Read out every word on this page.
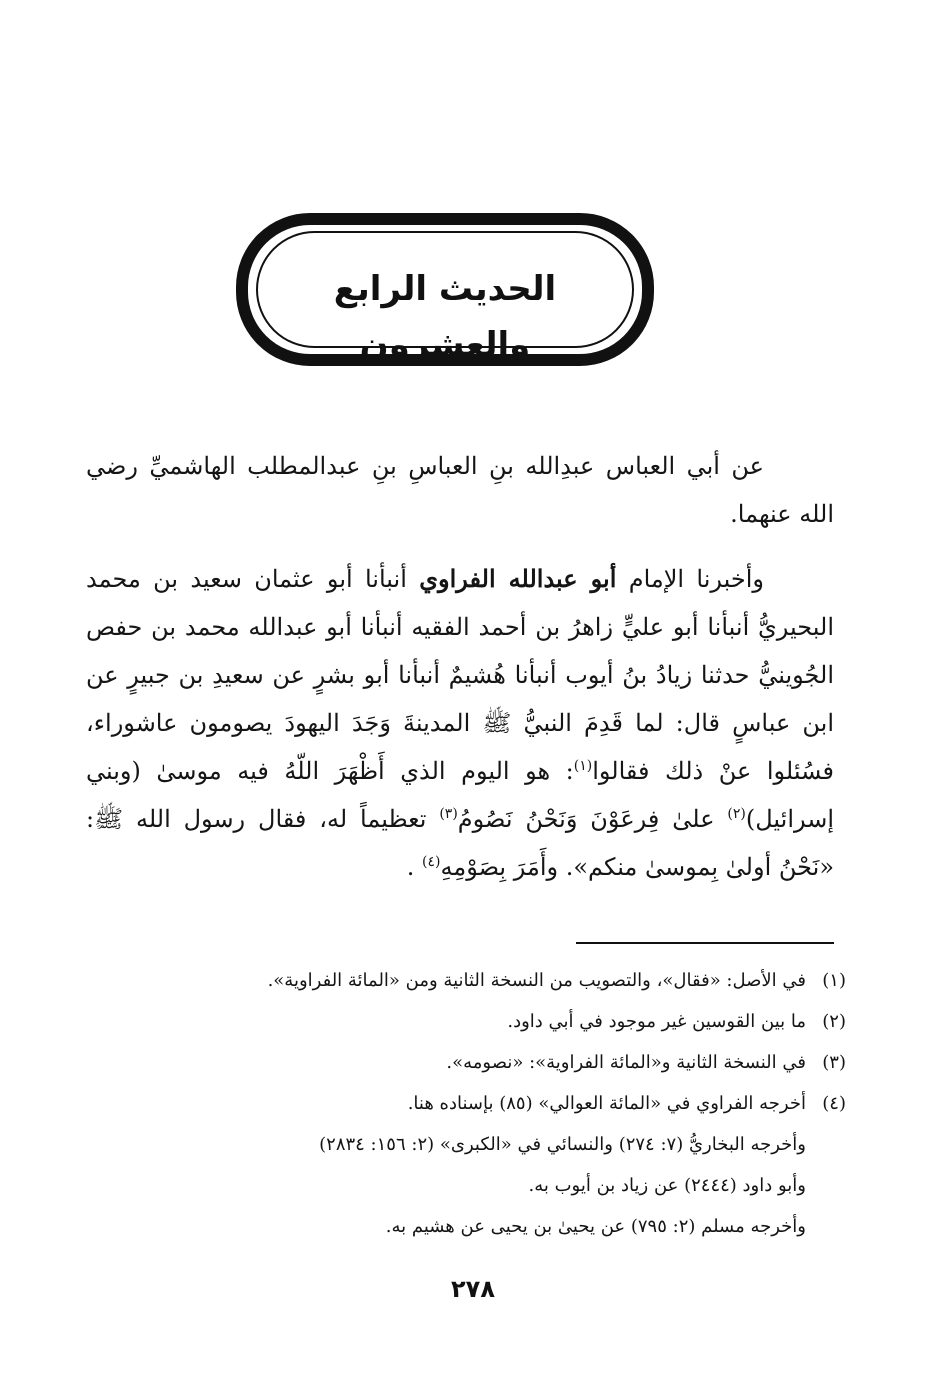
الحديث الرابع والعشرون
عن أبي العباس عبدِالله بنِ العباسِ بنِ عبدالمطلب الهاشميِّ رضي الله عنهما.
وأخبرنا الإمام أبو عبدالله الفراوي أنبأنا أبو عثمان سعيد بن محمد البحيريُّ أنبأنا أبو عليٍّ زاهرُ بن أحمد الفقيه أنبأنا أبو عبدالله محمد بن حفص الجُوينيُّ حدثنا زيادُ بنُ أيوب أنبأنا هُشيمٌ أنبأنا أبو بشرٍ عن سعيدِ بن جبيرٍ عن ابن عباسٍ قال: لما قَدِمَ النبيُّ ﷺ المدينةَ وَجَدَ اليهودَ يصومون عاشوراء، فسُئلوا عنْ ذلك فقالوا$^{(١)}$: هو اليوم الذي أَظْهَرَ اللّهُ فيه موسىٰ (وبني إسرائيل)$^{(٢)}$ علىٰ فِرعَوْنَ وَنَحْنُ نَصُومُ$^{(٣)}$ تعظيماً له، فقال رسول الله ﷺ: «نَحْنُ أولىٰ بِموسىٰ منكم». وأَمَرَ بِصَوْمِهِ$^{(٤)}$ .
(١)في الأصل: «فقال»، والتصويب من النسخة الثانية ومن «المائة الفراوية».
(٢)ما بين القوسين غير موجود في أبي داود.
(٣)في النسخة الثانية و«المائة الفراوية»: «نصومه».
(٤)أخرجه الفراوي في «المائة العوالي» (٨٥) بإسناده هنا.
وأخرجه البخاريُّ (٧: ٢٧٤) والنسائي في «الكبرى» (٢: ١٥٦: ٢٨٣٤)
وأبو داود (٢٤٤٤) عن زياد بن أيوب به.
وأخرجه مسلم (٢: ٧٩٥) عن يحيىٰ بن يحيى عن هشيم به.
٢٧٨
